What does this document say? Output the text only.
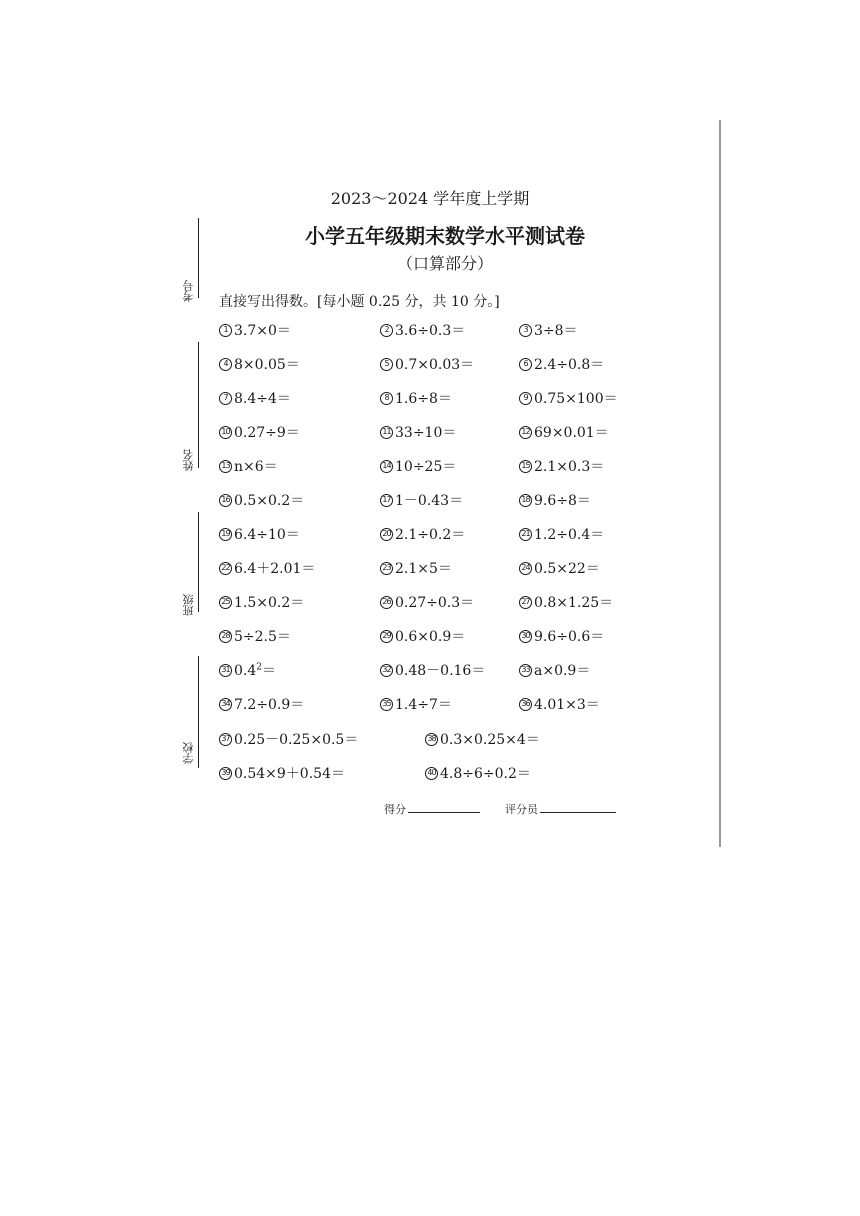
考号
姓名
班级
学校
2023～2024 学年度上学期
小学五年级期末数学水平测试卷
（口算部分）
直接写出得数。[每小题 0.25 分，共 10 分。]
1 3.7×0＝	2 3.6÷0.3＝	3 3÷8＝
4 8×0.05＝	5 0.7×0.03＝	6 2.4÷0.8＝
7 8.4÷4＝	8 1.6÷8＝	9 0.75×100＝
10 0.27÷9＝	11 33÷10＝	12 69×0.01＝
13 n×6＝	14 10÷25＝	15 2.1×0.3＝
16 0.5×0.2＝	17 1－0.43＝	18 9.6÷8＝
19 6.4÷10＝	20 2.1÷0.2＝	21 1.2÷0.4＝
22 6.4＋2.01＝	23 2.1×5＝	24 0.5×22＝
25 1.5×0.2＝	26 0.27÷0.3＝	27 0.8×1.25＝
28 5÷2.5＝	29 0.6×0.9＝	30 9.6÷0.6＝
31 $0.4^2=$	32 0.48－0.16＝	33 a×0.9＝
34 7.2÷0.9＝	35 1.4÷7＝	36 4.01×3＝
37 0.25－0.25×0.5＝	38 0.3×0.25×4＝
39 0.54×9＋0.54＝	40 4.8÷6÷0.2＝
得分	评分员
